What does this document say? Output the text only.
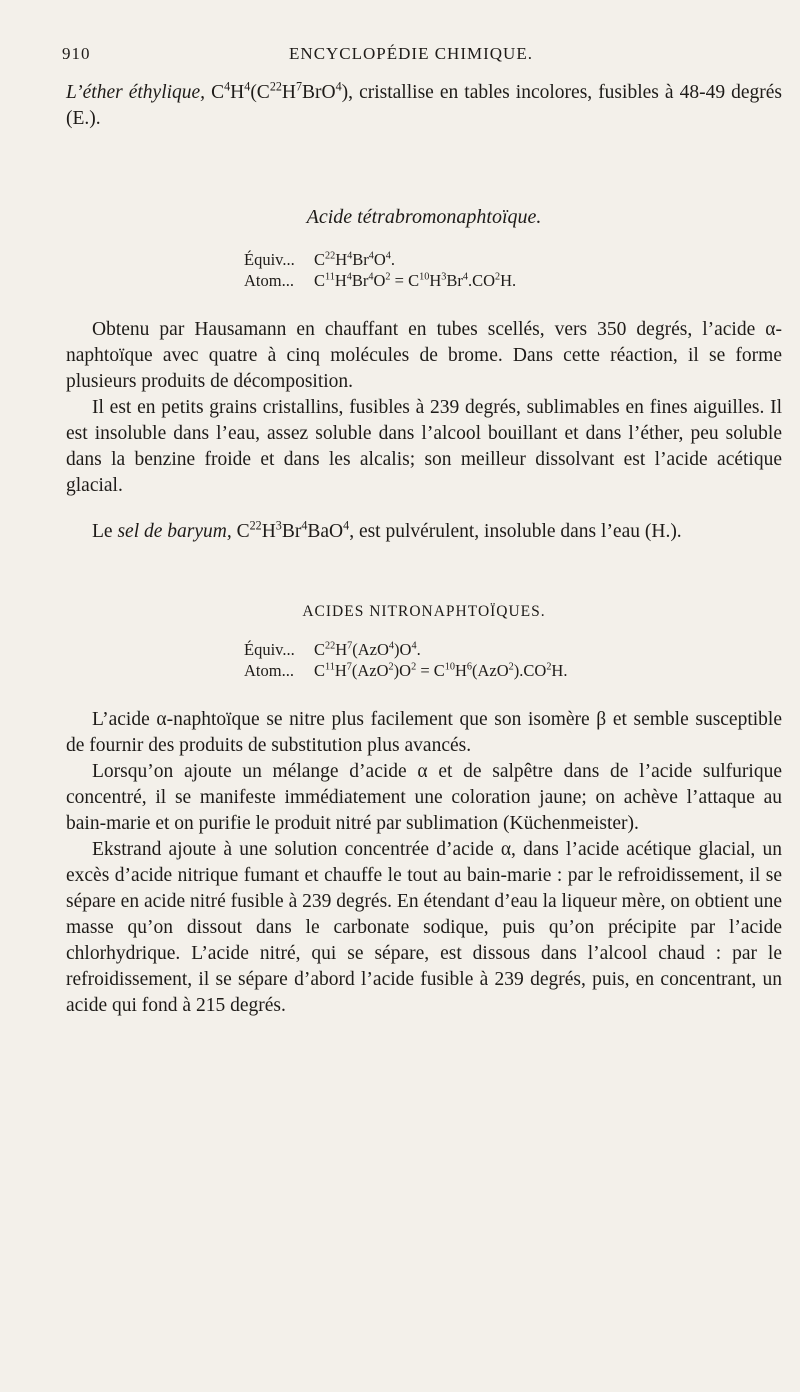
910	ENCYCLOPÉDIE CHIMIQUE.

L’éther éthylique, $C^4H^4(C^{22}H^7BrO^4)$, cristallise en tables incolores, fusibles à 48-49 degrés (E.).

Acide tétrabromonaphtoïque.
Équiv... $C^{22}H^4Br^4O^4$.
Atom... $C^{11}H^4Br^4O^2 = C^{10}H^3Br^4.CO^2H$.

Obtenu par Hausamann en chauffant en tubes scellés, vers 350 degrés, l’acide α-naphtoïque avec quatre à cinq molécules de brome. Dans cette réaction, il se forme plusieurs produits de décomposition.

Il est en petits grains cristallins, fusibles à 239 degrés, sublimables en fines aiguilles. Il est insoluble dans l’eau, assez soluble dans l’alcool bouillant et dans l’éther, peu soluble dans la benzine froide et dans les alcalis; son meilleur dissolvant est l’acide acétique glacial.

Le sel de baryum, $C^{22}H^3Br^4BaO^4$, est pulvérulent, insoluble dans l’eau (H.).

ACIDES NITRONAPHTOÏQUES.
Équiv... $C^{22}H^7(AzO^4)O^4$.
Atom... $C^{11}H^7(AzO^2)O^2 = C^{10}H^6(AzO^2).CO^2H$.

L’acide α-naphtoïque se nitre plus facilement que son isomère β et semble susceptible de fournir des produits de substitution plus avancés.

Lorsqu’on ajoute un mélange d’acide α et de salpêtre dans de l’acide sulfurique concentré, il se manifeste immédiatement une coloration jaune; on achève l’attaque au bain-marie et on purifie le produit nitré par sublimation (Küchenmeister).

Ekstrand ajoute à une solution concentrée d’acide α, dans l’acide acétique glacial, un excès d’acide nitrique fumant et chauffe le tout au bain-marie : par le refroidissement, il se sépare en acide nitré fusible à 239 degrés. En étendant d’eau la liqueur mère, on obtient une masse qu’on dissout dans le carbonate sodique, puis qu’on précipite par l’acide chlorhydrique. L’acide nitré, qui se sépare, est dissous dans l’alcool chaud : par le refroidissement, il se sépare d’abord l’acide fusible à 239 degrés, puis, en concentrant, un acide qui fond à 215 degrés.
